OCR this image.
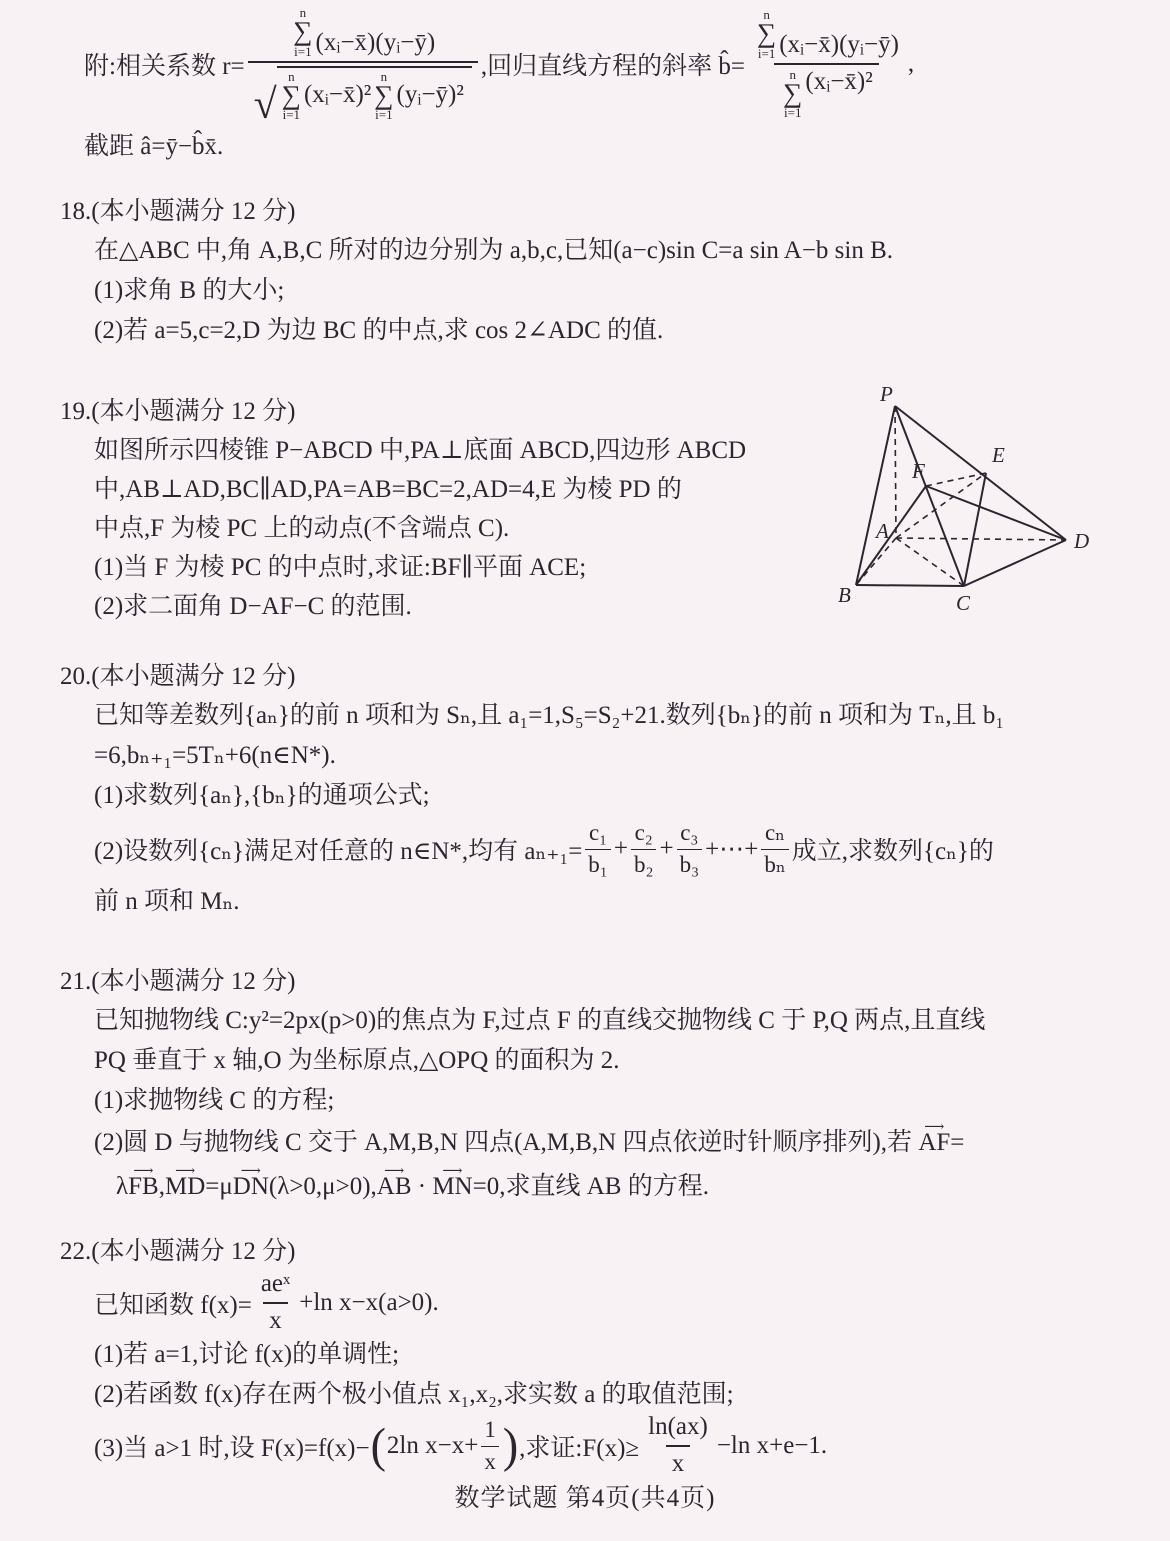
附:相关系数 r=
n
∑
i=1 (xᵢ−x̄)(yᵢ−ȳ)
√
n
∑
i=1
(xᵢ−x̄)²
n
∑
i=1
(yᵢ−ȳ)²
,回归直线方程的斜率 b̂=
n
∑
i=1 (xᵢ−x̄)(yᵢ−ȳ)
n
∑
i=1
(xᵢ−x̄)²
,
截距 â=ȳ−b̂x̄.
18.(本小题满分 12 分)
在△ABC 中,角 A,B,C 所对的边分别为 a,b,c,已知(a−c)sin C=a sin A−b sin B.
(1)求角 B 的大小;
(2)若 a=5,c=2,D 为边 BC 的中点,求 cos 2∠ADC 的值.
19.(本小题满分 12 分)
如图所示四棱锥 P−ABCD 中,PA⊥底面 ABCD,四边形 ABCD
中,AB⊥AD,BC∥AD,PA=AB=BC=2,AD=4,E 为棱 PD 的
中点,F 为棱 PC 上的动点(不含端点 C).
(1)当 F 为棱 PC 的中点时,求证:BF∥平面 ACE;
(2)求二面角 D−AF−C 的范围.
P
E
F
A	D
B	C
20.(本小题满分 12 分)
已知等差数列{aₙ}的前 n 项和为 Sₙ,且 a₁=1,S₅=S₂+21.数列{bₙ}的前 n 项和为 Tₙ,且 b₁
=6,bₙ₊₁=5Tₙ+6(n∈N*).
(1)求数列{aₙ},{bₙ}的通项公式;
(2)设数列{cₙ}满足对任意的 n∈N*,均有 $a_{n+1}= \frac{\text{c₁}}{\text{b₁}} + \frac{\text{c₂}}{\text{b₂}} + \frac{\text{c₃}}{\text{b₃}}$ +⋯+ $\frac{\text{cₙ}}{\text{bₙ}}$ 成立,求数列{cₙ}的
前 n 项和 Mₙ.
21.(本小题满分 12 分)
已知抛物线 C:y²=2px(p>0)的焦点为 F,过点 F 的直线交抛物线 C 于 P,Q 两点,且直线
PQ 垂直于 x 轴,O 为坐标原点,△OPQ 的面积为 2.
(1)求抛物线 C 的方程;
(2)圆 D 与抛物线 C 交于 A,M,B,N 四点(A,M,B,N 四点依逆时针顺序排列),若 ⟶ AF=
λ⟶ FB,⟶ MD=μ⟶ DN(λ>0,μ>0),⟶ AB · ⟶ MN=0,求直线 AB 的方程.
22.(本小题满分 12 分)
已知函数 $f(x)= \frac{\text{aeˣ}}{x} +\ln$ x−x(a>0).
(1)若 a=1,讨论 f(x)的单调性;
(2)若函数 f(x)存在两个极小值点 x₁,x₂,求实数 a 的取值范围;
(3)当 a>1 时,设 F(x)=f(x)− ( 2ln $x-x+ \frac{1}{x}$ ) ,求证:F(x)≥ $\frac{\ln(ax)}{x} -\ln$ x+e−1.
数学试题 第4页(共4页)
